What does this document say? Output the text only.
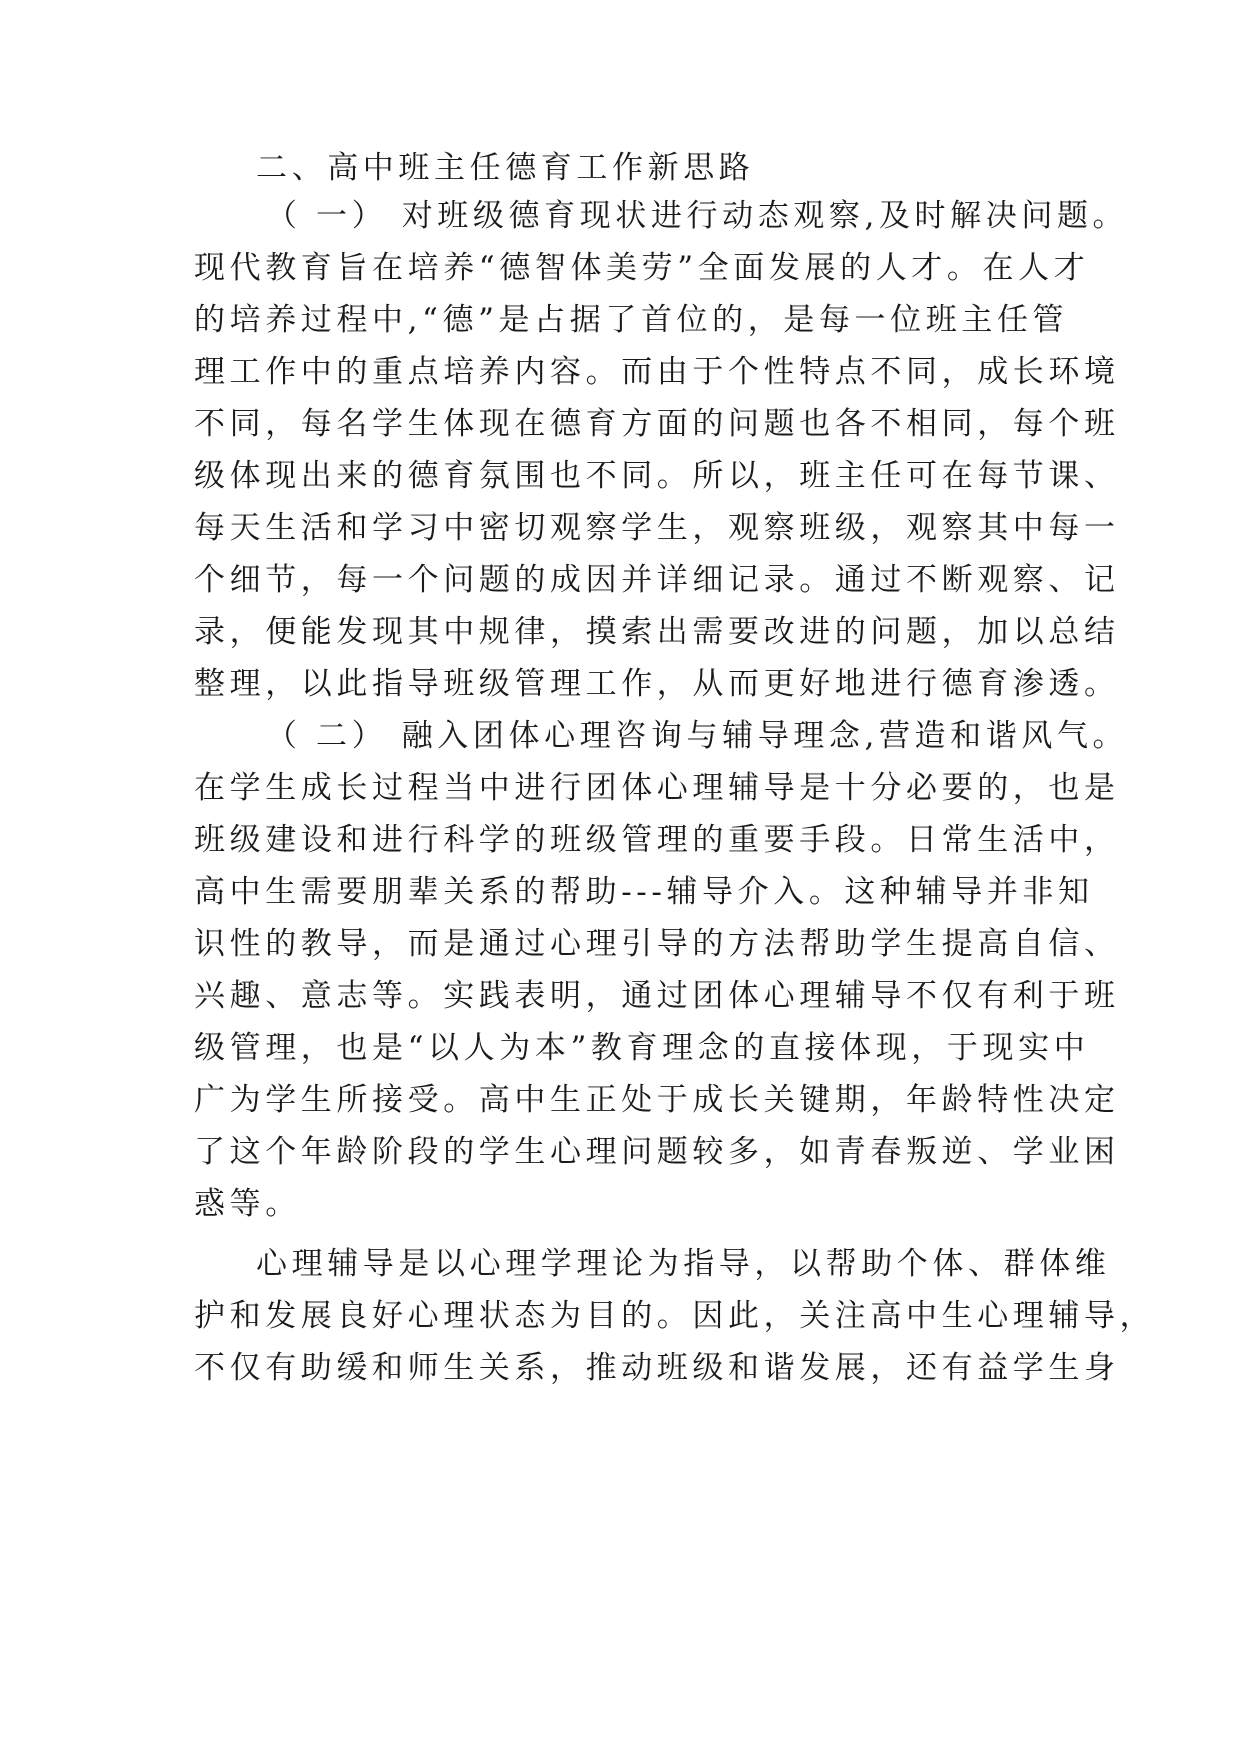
二、高中班主任德育工作新思路
（ 一） 对班级德育现状进行动态观察,及时解决问题。
现代教育旨在培养“德智体美劳”全面发展的人才。在人才
的培养过程中,“德”是占据了首位的，是每一位班主任管
理工作中的重点培养内容。而由于个性特点不同，成长环境
不同，每名学生体现在德育方面的问题也各不相同，每个班
级体现出来的德育氛围也不同。所以，班主任可在每节课、
每天生活和学习中密切观察学生，观察班级，观察其中每一
个细节，每一个问题的成因并详细记录。通过不断观察、记
录，便能发现其中规律，摸索出需要改进的问题，加以总结
整理，以此指导班级管理工作，从而更好地进行德育渗透。
（ 二） 融入团体心理咨询与辅导理念,营造和谐风气。
在学生成长过程当中进行团体心理辅导是十分必要的，也是
班级建设和进行科学的班级管理的重要手段。日常生活中，
高中生需要朋辈关系的帮助---辅导介入。这种辅导并非知
识性的教导，而是通过心理引导的方法帮助学生提高自信、
兴趣、意志等。实践表明，通过团体心理辅导不仅有利于班
级管理，也是“以人为本”教育理念的直接体现，于现实中
广为学生所接受。高中生正处于成长关键期，年龄特性决定
了这个年龄阶段的学生心理问题较多，如青春叛逆、学业困
惑等。
心理辅导是以心理学理论为指导，以帮助个体、群体维
护和发展良好心理状态为目的。因此，关注高中生心理辅导，
不仅有助缓和师生关系，推动班级和谐发展，还有益学生身
